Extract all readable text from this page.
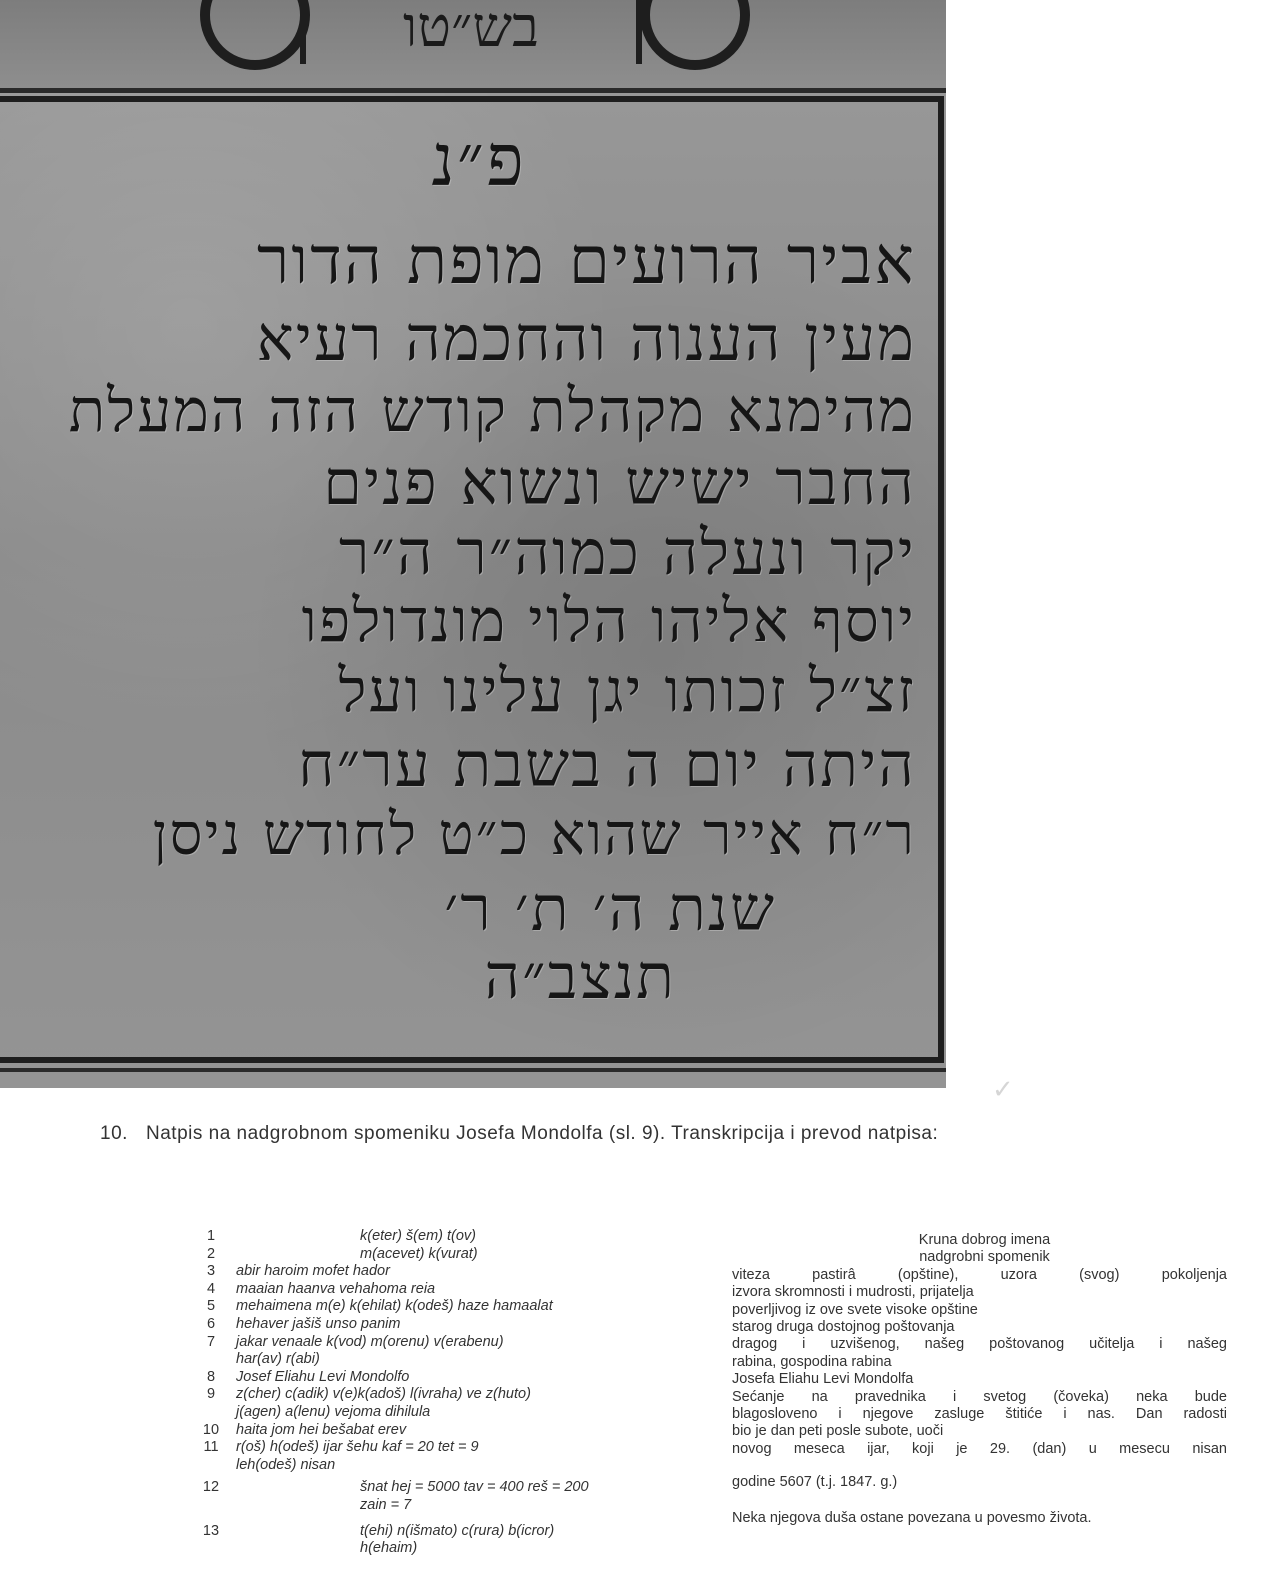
בש״טו
פ״נ
אביר הרועים מופת הדור
מעין הענוה והחכמה רעיא
מהימנא מקהלת קודש הזה המעלת
החבר ישיש ונשוא פנים
יקר ונעלה כמוה״ר ה״ר
יוסף אליהו הלוי מונדולפו
זצ״ל זכותו יגן עלינו ועל
היתה יום ה בשבת ער״ח
ר״ח אייר שהוא כ״ט לחודש ניסן
שנת ה׳ ת׳ ר׳
תנצב״ה
✓
10. Natpis na nadgrobnom spomeniku Josefa Mondolfa (sl. 9). Transkripcija i prevod natpisa:
1	k(eter) š(em) t(ov)
2	m(acevet) k(vurat)
3	abir haroim mofet hador
4	maaian haanva vehahoma reia
5	mehaimena m(e) k(ehilat) k(odeš) haze hamaalat
6	hehaver jašiš unso panim
7	jakar venaale k(vod) m(orenu) v(erabenu)
har(av) r(abi)
8	Josef Eliahu Levi Mondolfo
9	z(cher) c(adik) v(e)k(adoš) l(ivraha) ve z(huto)
j(agen) a(lenu) vejoma dihilula
10 haita jom hei bešabat erev
11 r(oš) h(odeš) ijar šehu kaf = 20 tet = 9
leh(odeš) nisan
12	šnat hej = 5000 tav = 400 reš = 200
zain = 7
13	t(ehi) n(išmato) c(rura) b(icror)
h(ehaim)
Kruna dobrog imena
nadgrobni spomenik
viteza pastirâ (opštine), uzora (svog) pokoljenja
izvora skromnosti i mudrosti, prijatelja
poverljivog iz ove svete visoke opštine
starog druga dostojnog poštovanja
dragog i uzvišenog, našeg poštovanog učitelja i našeg
rabina, gospodina rabina
Josefa Eliahu Levi Mondolfa
Sećanje na pravednika i svetog (čoveka) neka bude
blagosloveno i njegove zasluge štitiće i nas. Dan radosti
bio je dan peti posle subote, uoči
novog meseca ijar, koji je 29. (dan) u mesecu nisan
godine 5607 (t.j. 1847. g.)
Neka njegova duša ostane povezana u povesmo života.
